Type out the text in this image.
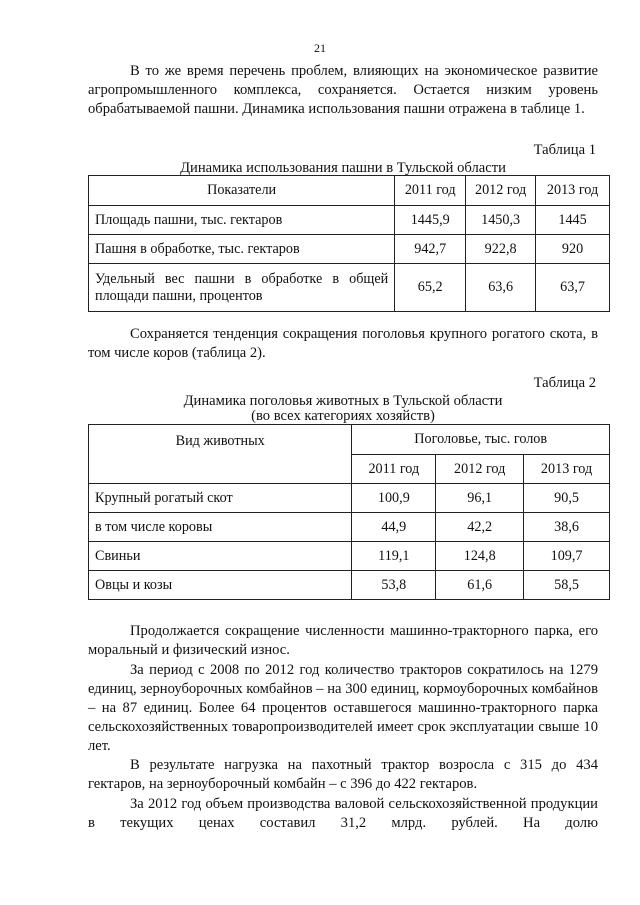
21

В то же время перечень проблем, влияющих на экономическое развитие агропромышленного комплекса, сохраняется. Остается низким уровень обрабатываемой пашни. Динамика использования пашни отражена в таблице 1.

Таблица 1
Динамика использования пашни в Тульской области
Показатели	2011 год	2012 год	2013 год
Площадь пашни, тыс. гектаров	1445,9	1450,3	1445
Пашня в обработке, тыс. гектаров	942,7	922,8	920
Удельный вес пашни в обработке в общей площади пашни, процентов	65,2	63,6	63,7

Сохраняется тенденция сокращения поголовья крупного рогатого скота, в том числе коров (таблица 2).

Таблица 2
Динамика поголовья животных в Тульской области
(во всех категориях хозяйств)
Вид животных	Поголовье, тыс. голов		
	2011 год	2012 год	2013 год
Крупный рогатый скот	100,9	96,1	90,5
в том числе коровы	44,9	42,2	38,6
Свиньи	119,1	124,8	109,7
Овцы и козы	53,8	61,6	58,5

Продолжается сокращение численности машинно-тракторного парка, его моральный и физический износ.

За период с 2008 по 2012 год количество тракторов сократилось на 1279 единиц, зерноуборочных комбайнов – на 300 единиц, кормоуборочных комбайнов – на 87 единиц. Более 64 процентов оставшегося машинно-тракторного парка сельскохозяйственных товаропроизводителей имеет срок эксплуатации свыше 10 лет.

В результате нагрузка на пахотный трактор возросла с 315 до 434 гектаров, на зерноуборочный комбайн – с 396 до 422 гектаров.

За 2012 год объем производства валовой сельскохозяйственной продукции в текущих ценах составил 31,2 млрд. рублей. На долю
